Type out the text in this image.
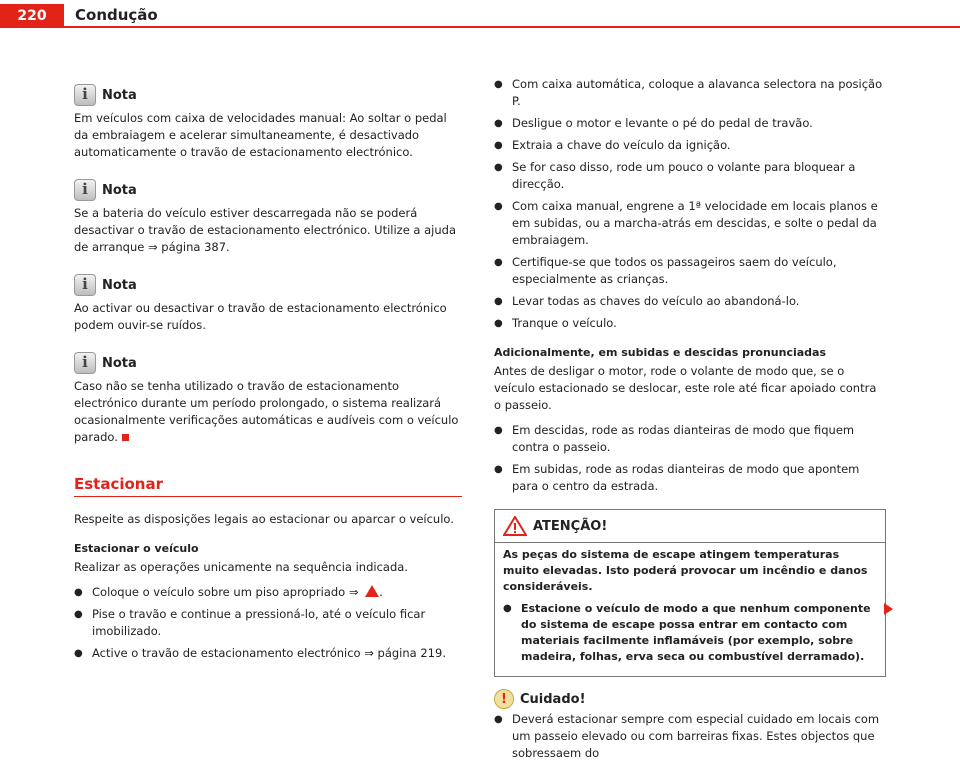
220	Condução
i
Nota

Em veículos com caixa de velocidades manual: Ao soltar o pedal da embraiagem e acelerar simultaneamente, é desactivado automaticamente o travão de estacionamento electrónico.

i
Nota

Se a bateria do veículo estiver descarregada não se poderá desactivar o travão de estacionamento electrónico. Utilize a ajuda de arranque ⇒ página 387.

i
Nota

Ao activar ou desactivar o travão de estacionamento electrónico podem ouvir-se ruídos.

i
Nota

Caso não se tenha utilizado o travão de estacionamento electrónico durante um período prolongado, o sistema realizará ocasionalmente verificações automáticas e audíveis com o veículo parado.

Estacionar

Respeite as disposições legais ao estacionar ou aparcar o veículo.

Estacionar o veículo

Realizar as operações unicamente na sequência indicada.

● Coloque o veículo sobre um piso apropriado ⇒ .
● Pise o travão e continue a pressioná-lo, até o veículo ficar imobilizado.
● Active o travão de estacionamento electrónico ⇒ página 219.
● Com caixa automática, coloque a alavanca selectora na posição P.
● Desligue o motor e levante o pé do pedal de travão.
● Extraia a chave do veículo da ignição.
● Se for caso disso, rode um pouco o volante para bloquear a direcção.
● Com caixa manual, engrene a 1ª velocidade em locais planos e em subidas, ou a marcha-atrás em descidas, e solte o pedal da embraiagem.
● Certifique-se que todos os passageiros saem do veículo, especialmente as crianças.
● Levar todas as chaves do veículo ao abandoná-lo.
● Tranque o veículo.
Adicionalmente, em subidas e descidas pronunciadas

Antes de desligar o motor, rode o volante de modo que, se o veículo estacionado se deslocar, este role até ficar apoiado contra o passeio.

● Em descidas, rode as rodas dianteiras de modo que fiquem contra o passeio.
● Em subidas, rode as rodas dianteiras de modo que apontem para o centro da estrada.
ATENÇÃO!

As peças do sistema de escape atingem temperaturas muito elevadas. Isto poderá provocar um incêndio e danos consideráveis.

● Estacione o veículo de modo a que nenhum componente do sistema de escape possa entrar em contacto com materiais facilmente inflamáveis (por exemplo, sobre madeira, folhas, erva seca ou combustível derramado).
!	Cuidado!
● Deverá estacionar sempre com especial cuidado em locais com um passeio elevado ou com barreiras fixas. Estes objectos que sobressaem do
